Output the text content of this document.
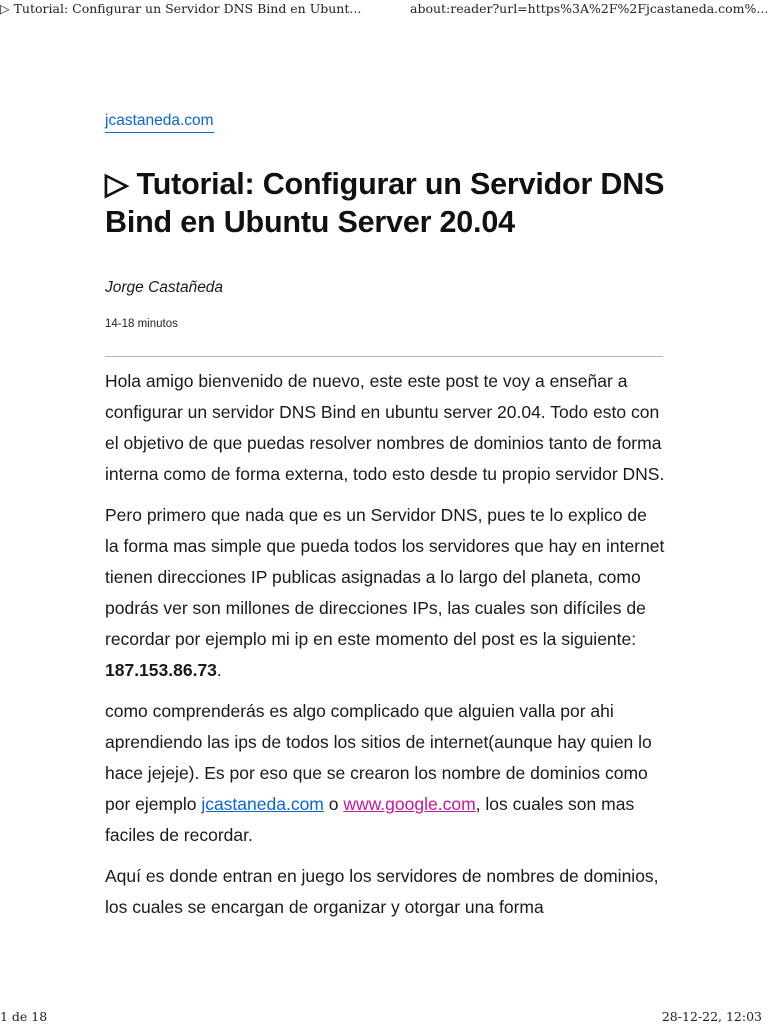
▷ Tutorial: Configurar un Servidor DNS Bind en Ubunt...	about:reader?url=https%3A%2F%2Fjcastaneda.com%...
jcastaneda.com
▷ Tutorial: Configurar un Servidor DNS Bind en Ubuntu Server 20.04
Jorge Castañeda
14-18 minutos

Hola amigo bienvenido de nuevo, este este post te voy a enseñar a configurar un servidor DNS Bind en ubuntu server 20.04. Todo esto con el objetivo de que puedas resolver nombres de dominios tanto de forma interna como de forma externa, todo esto desde tu propio servidor DNS.

Pero primero que nada que es un Servidor DNS, pues te lo explico de la forma mas simple que pueda todos los servidores que hay en internet tienen direcciones IP publicas asignadas a lo largo del planeta, como podrás ver son millones de direcciones IPs, las cuales son difíciles de recordar por ejemplo mi ip en este momento del post es la siguiente: 187.153.86.73.

como comprenderás es algo complicado que alguien valla por ahi aprendiendo las ips de todos los sitios de internet(aunque hay quien lo hace jejeje). Es por eso que se crearon los nombre de dominios como por ejemplo jcastaneda.com o www.google.com, los cuales son mas faciles de recordar.

Aquí es donde entran en juego los servidores de nombres de dominios, los cuales se encargan de organizar y otorgar una forma

1 de 18	28-12-22, 12:03
